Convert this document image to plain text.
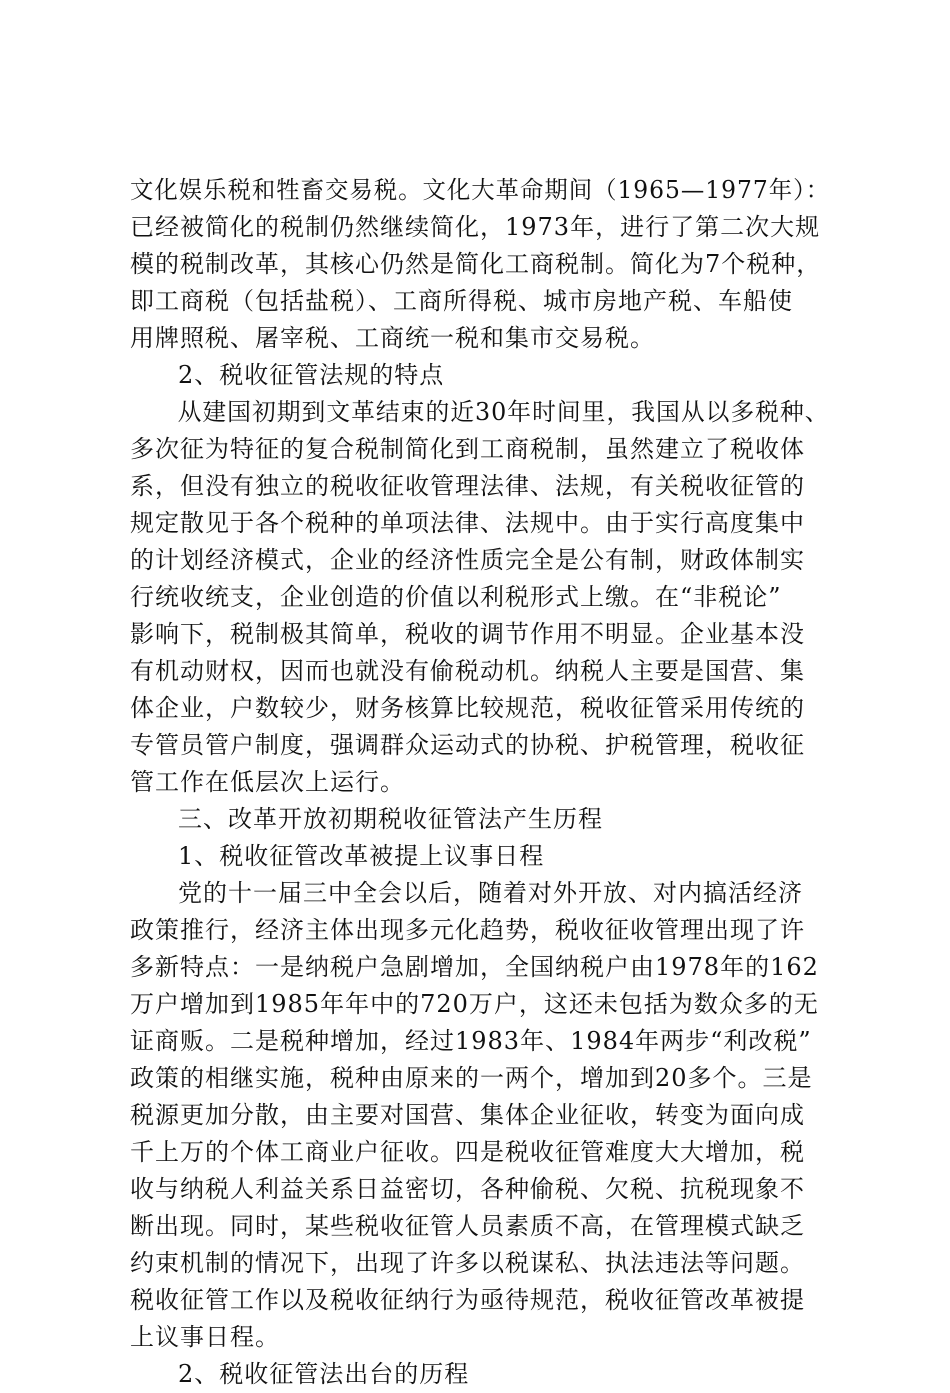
文化娱乐税和牲畜交易税。文化大革命期间（1965—1977年）：
已经被简化的税制仍然继续简化，1973年，进行了第二次大规
模的税制改革，其核心仍然是简化工商税制。简化为7个税种，
即工商税（包括盐税）、工商所得税、城市房地产税、车船使
用牌照税、屠宰税、工商统一税和集市交易税。
2、税收征管法规的特点
从建国初期到文革结束的近30年时间里，我国从以多税种、
多次征为特征的复合税制简化到工商税制，虽然建立了税收体
系，但没有独立的税收征收管理法律、法规，有关税收征管的
规定散见于各个税种的单项法律、法规中。由于实行高度集中
的计划经济模式，企业的经济性质完全是公有制，财政体制实
行统收统支，企业创造的价值以利税形式上缴。在“非税论”
影响下，税制极其简单，税收的调节作用不明显。企业基本没
有机动财权，因而也就没有偷税动机。纳税人主要是国营、集
体企业，户数较少，财务核算比较规范，税收征管采用传统的
专管员管户制度，强调群众运动式的协税、护税管理，税收征
管工作在低层次上运行。
三、改革开放初期税收征管法产生历程
1、税收征管改革被提上议事日程
党的十一届三中全会以后，随着对外开放、对内搞活经济
政策推行，经济主体出现多元化趋势，税收征收管理出现了许
多新特点：一是纳税户急剧增加，全国纳税户由1978年的162
万户增加到1985年年中的720万户，这还未包括为数众多的无
证商贩。二是税种增加，经过1983年、1984年两步“利改税”
政策的相继实施，税种由原来的一两个，增加到20多个。三是
税源更加分散，由主要对国营、集体企业征收，转变为面向成
千上万的个体工商业户征收。四是税收征管难度大大增加，税
收与纳税人利益关系日益密切，各种偷税、欠税、抗税现象不
断出现。同时，某些税收征管人员素质不高，在管理模式缺乏
约束机制的情况下，出现了许多以税谋私、执法违法等问题。
税收征管工作以及税收征纳行为亟待规范，税收征管改革被提
上议事日程。
2、税收征管法出台的历程
